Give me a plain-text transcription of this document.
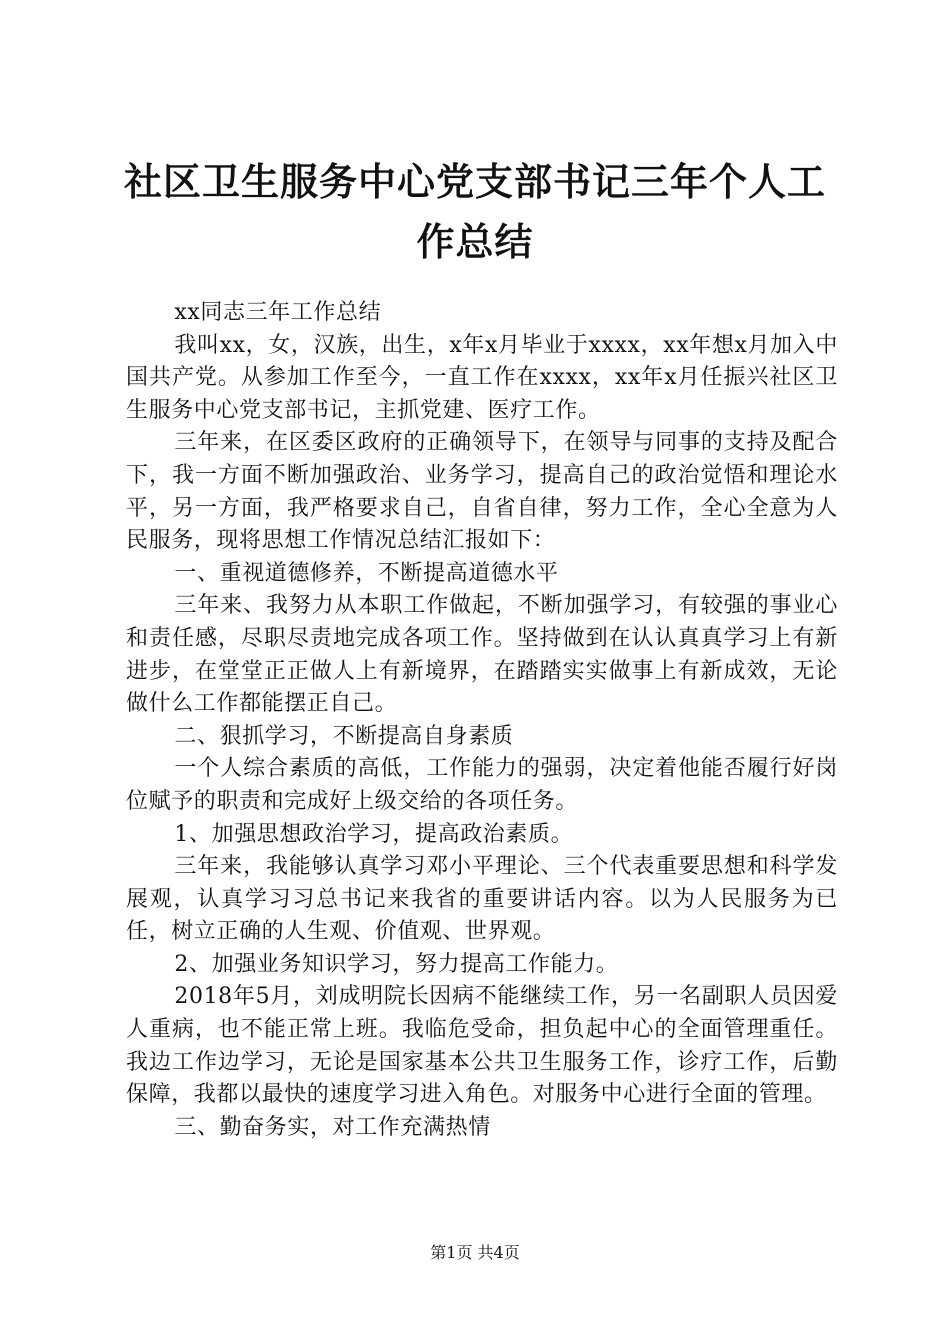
社区卫生服务中心党支部书记三年个人工作总结

xx同志三年工作总结

我叫xx，女，汉族，出生，x年x月毕业于xxxx，xx年想x月加入中国共产党。从参加工作至今，一直工作在xxxx，xx年x月任振兴社区卫生服务中心党支部书记，主抓党建、医疗工作。

三年来，在区委区政府的正确领导下，在领导与同事的支持及配合下，我一方面不断加强政治、业务学习，提高自己的政治觉悟和理论水平，另一方面，我严格要求自己，自省自律，努力工作，全心全意为人民服务，现将思想工作情况总结汇报如下：

一、重视道德修养，不断提高道德水平

三年来、我努力从本职工作做起，不断加强学习，有较强的事业心和责任感，尽职尽责地完成各项工作。坚持做到在认认真真学习上有新进步，在堂堂正正做人上有新境界，在踏踏实实做事上有新成效，无论做什么工作都能摆正自己。

二、狠抓学习，不断提高自身素质

一个人综合素质的高低，工作能力的强弱，决定着他能否履行好岗位赋予的职责和完成好上级交给的各项任务。

1、加强思想政治学习，提高政治素质。

三年来，我能够认真学习邓小平理论、三个代表重要思想和科学发展观，认真学习习总书记来我省的重要讲话内容。以为人民服务为已任，树立正确的人生观、价值观、世界观。

2、加强业务知识学习，努力提高工作能力。

2018年5月，刘成明院长因病不能继续工作，另一名副职人员因爱人重病，也不能正常上班。我临危受命，担负起中心的全面管理重任。我边工作边学习，无论是国家基本公共卫生服务工作，诊疗工作，后勤保障，我都以最快的速度学习进入角色。对服务中心进行全面的管理。

三、勤奋务实，对工作充满热情

第1页 共4页
